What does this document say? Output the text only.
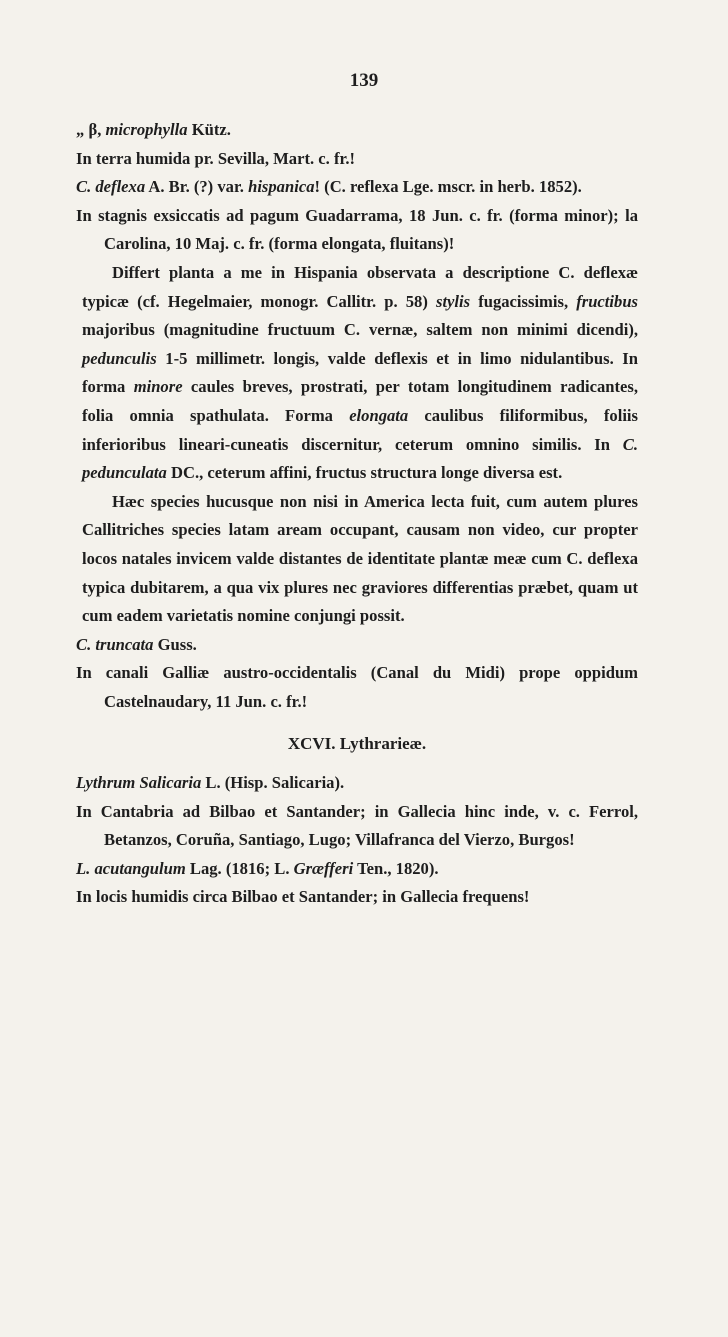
139

„ β, microphylla Kütz.

In terra humida pr. Sevilla, Mart. c. fr.!

C. deflexa A. Br. (?) var. hispanica! (C. reflexa Lge. mscr. in herb. 1852).

In stagnis exsiccatis ad pagum Guadarrama, 18 Jun. c. fr. (forma minor); la Carolina, 10 Maj. c. fr. (forma elongata, fluitans)!

Differt planta a me in Hispania observata a descriptione C. deflexæ typicæ (cf. Hegelmaier, monogr. Callitr. p. 58) stylis fugacissimis, fructibus majoribus (magnitudine fructuum C. vernæ, saltem non minimi dicendi), pedunculis 1-5 millimetr. longis, valde deflexis et in limo nidulantibus. In forma minore caules breves, prostrati, per totam longitudinem radicantes, folia omnia spathulata. Forma elongata caulibus filiformibus, foliis inferioribus lineari-cuneatis discernitur, ceterum omnino similis. In C. pedunculata DC., ceterum affini, fructus structura longe diversa est.

Hæc species hucusque non nisi in America lecta fuit, cum autem plures Callitriches species latam aream occupant, causam non video, cur propter locos natales invicem valde distantes de identitate plantæ meæ cum C. deflexa typica dubitarem, a qua vix plures nec graviores differentias præbet, quam ut cum eadem varietatis nomine conjungi possit.

C. truncata Guss.

In canali Galliæ austro-occidentalis (Canal du Midi) prope oppidum Castelnaudary, 11 Jun. c. fr.!

XCVI. Lythrarieæ.

Lythrum Salicaria L. (Hisp. Salicaria).

In Cantabria ad Bilbao et Santander; in Gallecia hinc inde, v. c. Ferrol, Betanzos, Coruña, Santiago, Lugo; Villafranca del Vierzo, Burgos!

L. acutangulum Lag. (1816; L. Græfferi Ten., 1820).

In locis humidis circa Bilbao et Santander; in Gallecia frequens!
